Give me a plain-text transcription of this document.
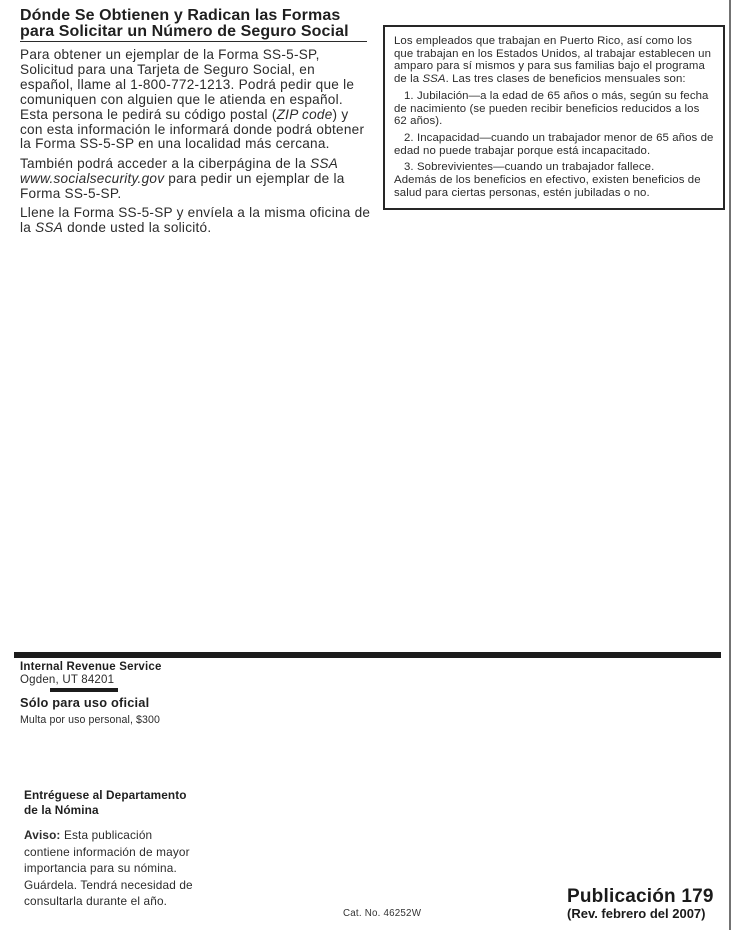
Dónde Se Obtienen y Radican las Formas
para Solicitar un Número de Seguro Social

Para obtener un ejemplar de la Forma SS-5-SP, Solicitud para una Tarjeta de Seguro Social, en español, llame al 1-800-772-1213. Podrá pedir que le comuniquen con alguien que le atienda en español. Esta persona le pedirá su código postal (ZIP code) y con esta información le informará donde podrá obtener la Forma SS-5-SP en una localidad más cercana.

También podrá acceder a la ciberpágina de la SSA www.socialsecurity.gov para pedir un ejemplar de la Forma SS-5-SP.

Llene la Forma SS-5-SP y envíela a la misma oficina de la SSA donde usted la solicitó.

Los empleados que trabajan en Puerto Rico, así como los que trabajan en los Estados Unidos, al trabajar establecen un amparo para sí mismos y para sus familias bajo el programa de la SSA. Las tres clases de beneficios mensuales son:

1. Jubilación—a la edad de 65 años o más, según su fecha de nacimiento (se pueden recibir beneficios reducidos a los 62 años).

2. Incapacidad—cuando un trabajador menor de 65 años de edad no puede trabajar porque está incapacitado.

3. Sobrevivientes—cuando un trabajador fallece.

Además de los beneficios en efectivo, existen beneficios de salud para ciertas personas, estén jubiladas o no.

Internal Revenue Service
Ogden, UT 84201
Sólo para uso oficial
Multa por uso personal, $300

Entréguese al Departamento de la Nómina

Aviso: Esta publicación contiene información de mayor importancia para su nómina. Guárdela. Tendrá necesidad de consultarla durante el año.

Cat. No. 46252W
Publicación 179
(Rev. febrero del 2007)
